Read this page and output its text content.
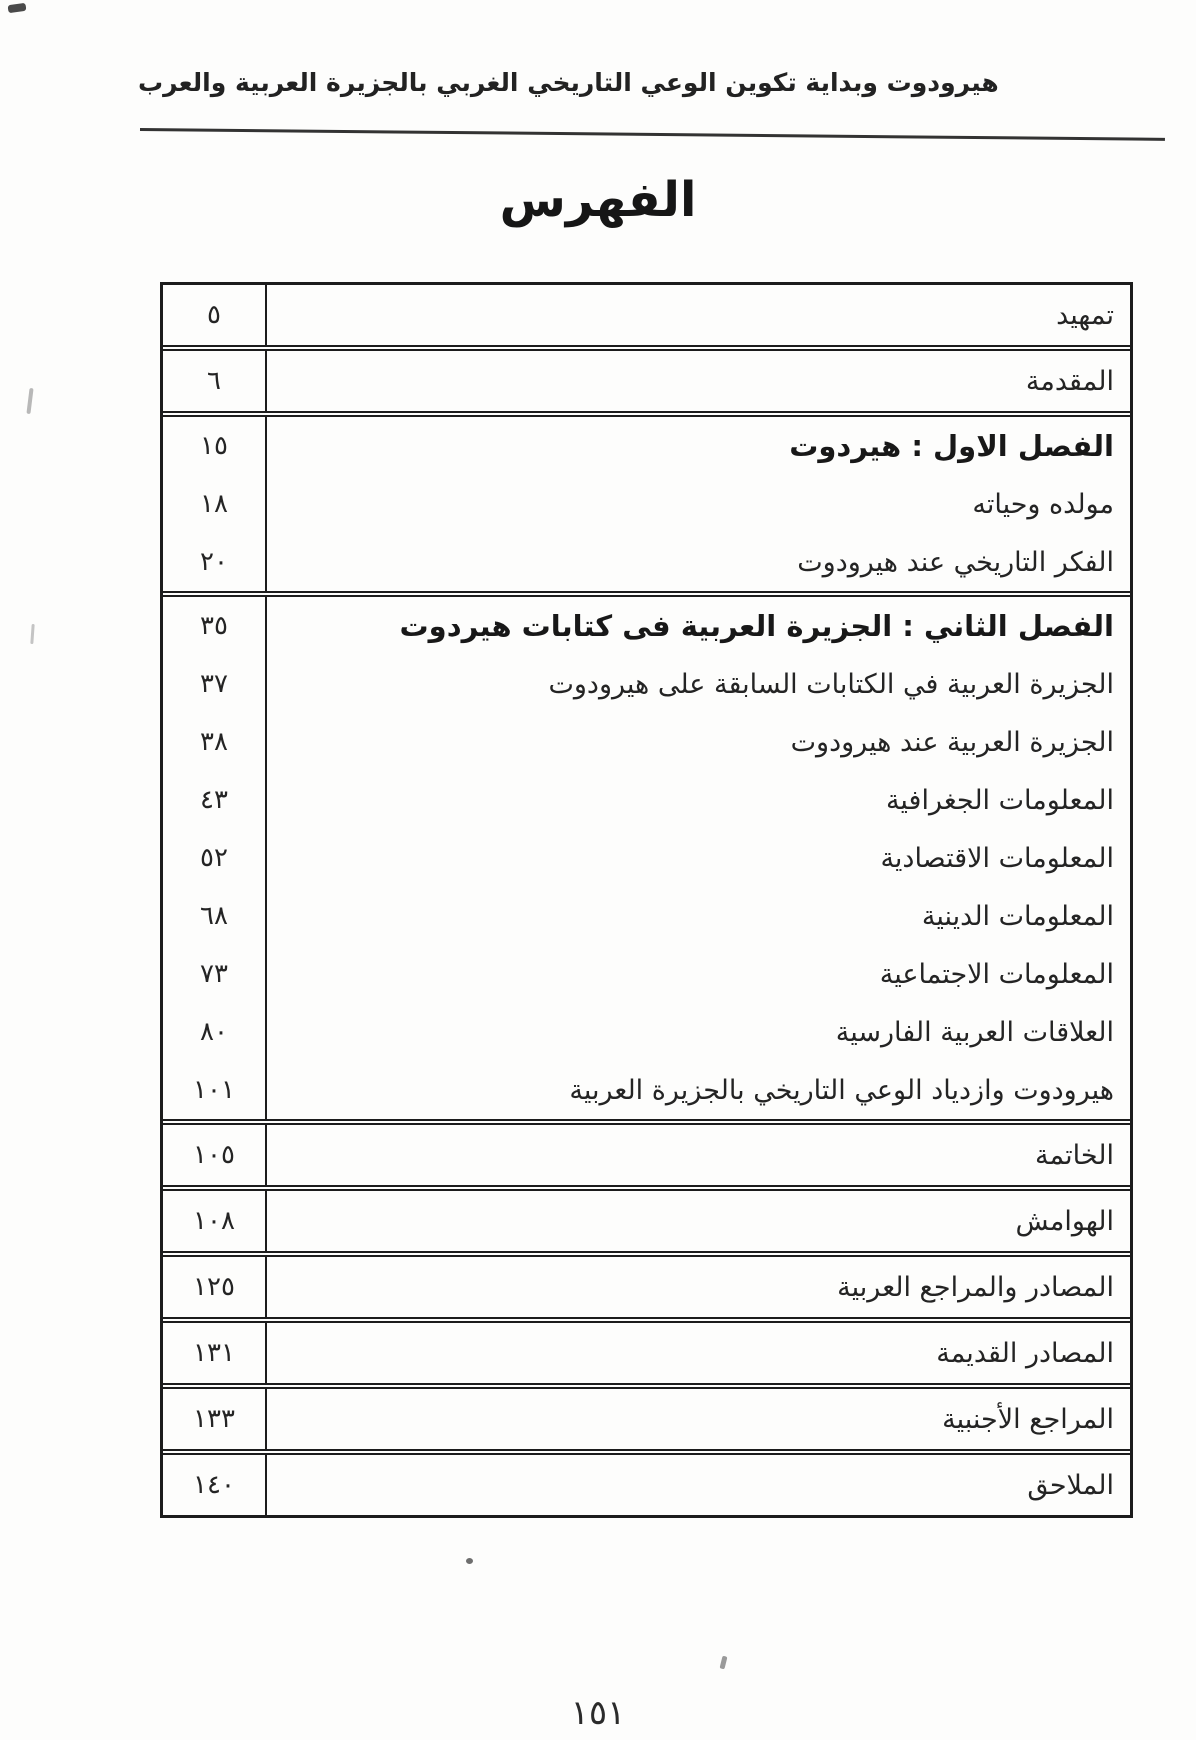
هيرودوت وبداية تكوين الوعي التاريخي الغربي بالجزيرة العربية والعرب
الفهرس
٥	تمهيد
٦	المقدمة
١٥	الفصل الاول : هيردوت
١٨	مولده وحياته
٢٠	الفكر التاريخي عند هيرودوت
٣٥	الفصل الثاني : الجزيرة العربية فى كتابات هيردوت
٣٧	الجزيرة العربية في الكتابات السابقة على هيرودوت
٣٨	الجزيرة العربية عند هيرودوت
٤٣	المعلومات الجغرافية
٥٢	المعلومات الاقتصادية
٦٨	المعلومات الدينية
٧٣	المعلومات الاجتماعية
٨٠	العلاقات العربية الفارسية
١٠١	هيرودوت وازدياد الوعي التاريخي بالجزيرة العربية
١٠٥	الخاتمة
١٠٨	الهوامش
١٢٥	المصادر والمراجع العربية
١٣١	المصادر القديمة
١٣٣	المراجع الأجنبية
١٤٠	الملاحق
١٥١
